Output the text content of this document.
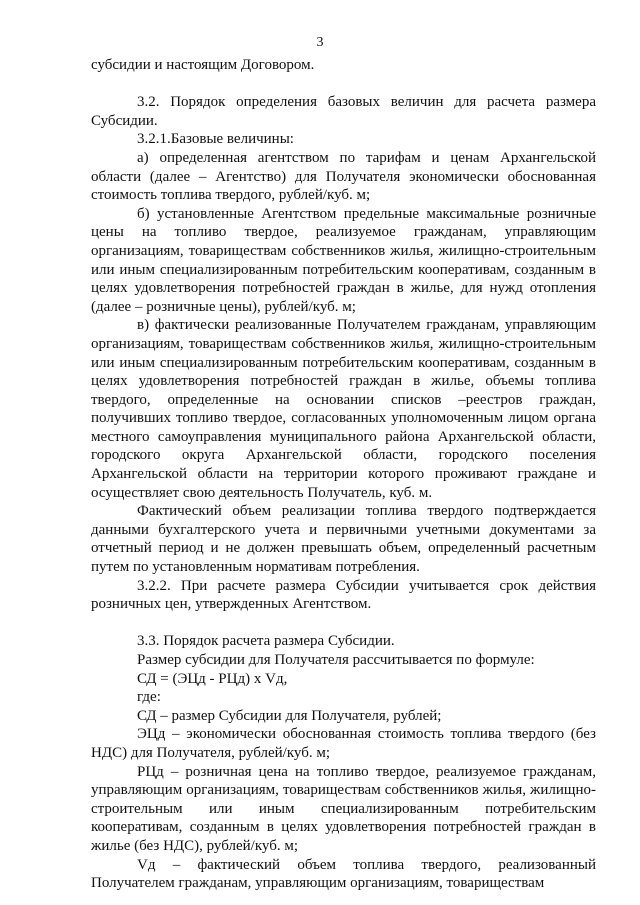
3

субсидии и настоящим Договором.

3.2. Порядок определения базовых величин для расчета размера Субсидии.

3.2.1.Базовые величины:

а) определенная агентством по тарифам и ценам Архангельской области (далее – Агентство) для Получателя экономически обоснованная стоимость топлива твердого, рублей/куб. м;

б) установленные Агентством предельные максимальные розничные цены на топливо твердое, реализуемое гражданам, управляющим организациям, товариществам собственников жилья, жилищно-строительным или иным специализированным потребительским кооперативам, созданным в целях удовлетворения потребностей граждан в жилье, для нужд отопления (далее – розничные цены), рублей/куб. м;

в) фактически реализованные Получателем гражданам, управляющим организациям, товариществам собственников жилья, жилищно-строительным или иным специализированным потребительским кооперативам, созданным в целях удовлетворения потребностей граждан в жилье, объемы топлива твердого, определенные на основании списков –реестров граждан, получивших топливо твердое, согласованных уполномоченным лицом органа местного самоуправления муниципального района Архангельской области, городского округа Архангельской области, городского поселения Архангельской области на территории которого проживают граждане и осуществляет свою деятельность Получатель, куб. м.

Фактический объем реализации топлива твердого подтверждается данными бухгалтерского учета и первичными учетными документами за отчетный период и не должен превышать объем, определенный расчетным путем по установленным нормативам потребления.

3.2.2. При расчете размера Субсидии учитывается срок действия розничных цен, утвержденных Агентством.

3.3. Порядок расчета размера Субсидии.

Размер субсидии для Получателя рассчитывается по формуле:

СД = (ЭЦд - РЦд) х Vд,

где:

СД – размер Субсидии для Получателя, рублей;

ЭЦд – экономически обоснованная стоимость топлива твердого (без НДС) для Получателя, рублей/куб. м;

РЦд – розничная цена на топливо твердое, реализуемое гражданам, управляющим организациям, товариществам собственников жилья, жилищно-строительным или иным специализированным потребительским кооперативам, созданным в целях удовлетворения потребностей граждан в жилье (без НДС), рублей/куб. м;

Vд – фактический объем топлива твердого, реализованный Получателем гражданам, управляющим организациям, товариществам
